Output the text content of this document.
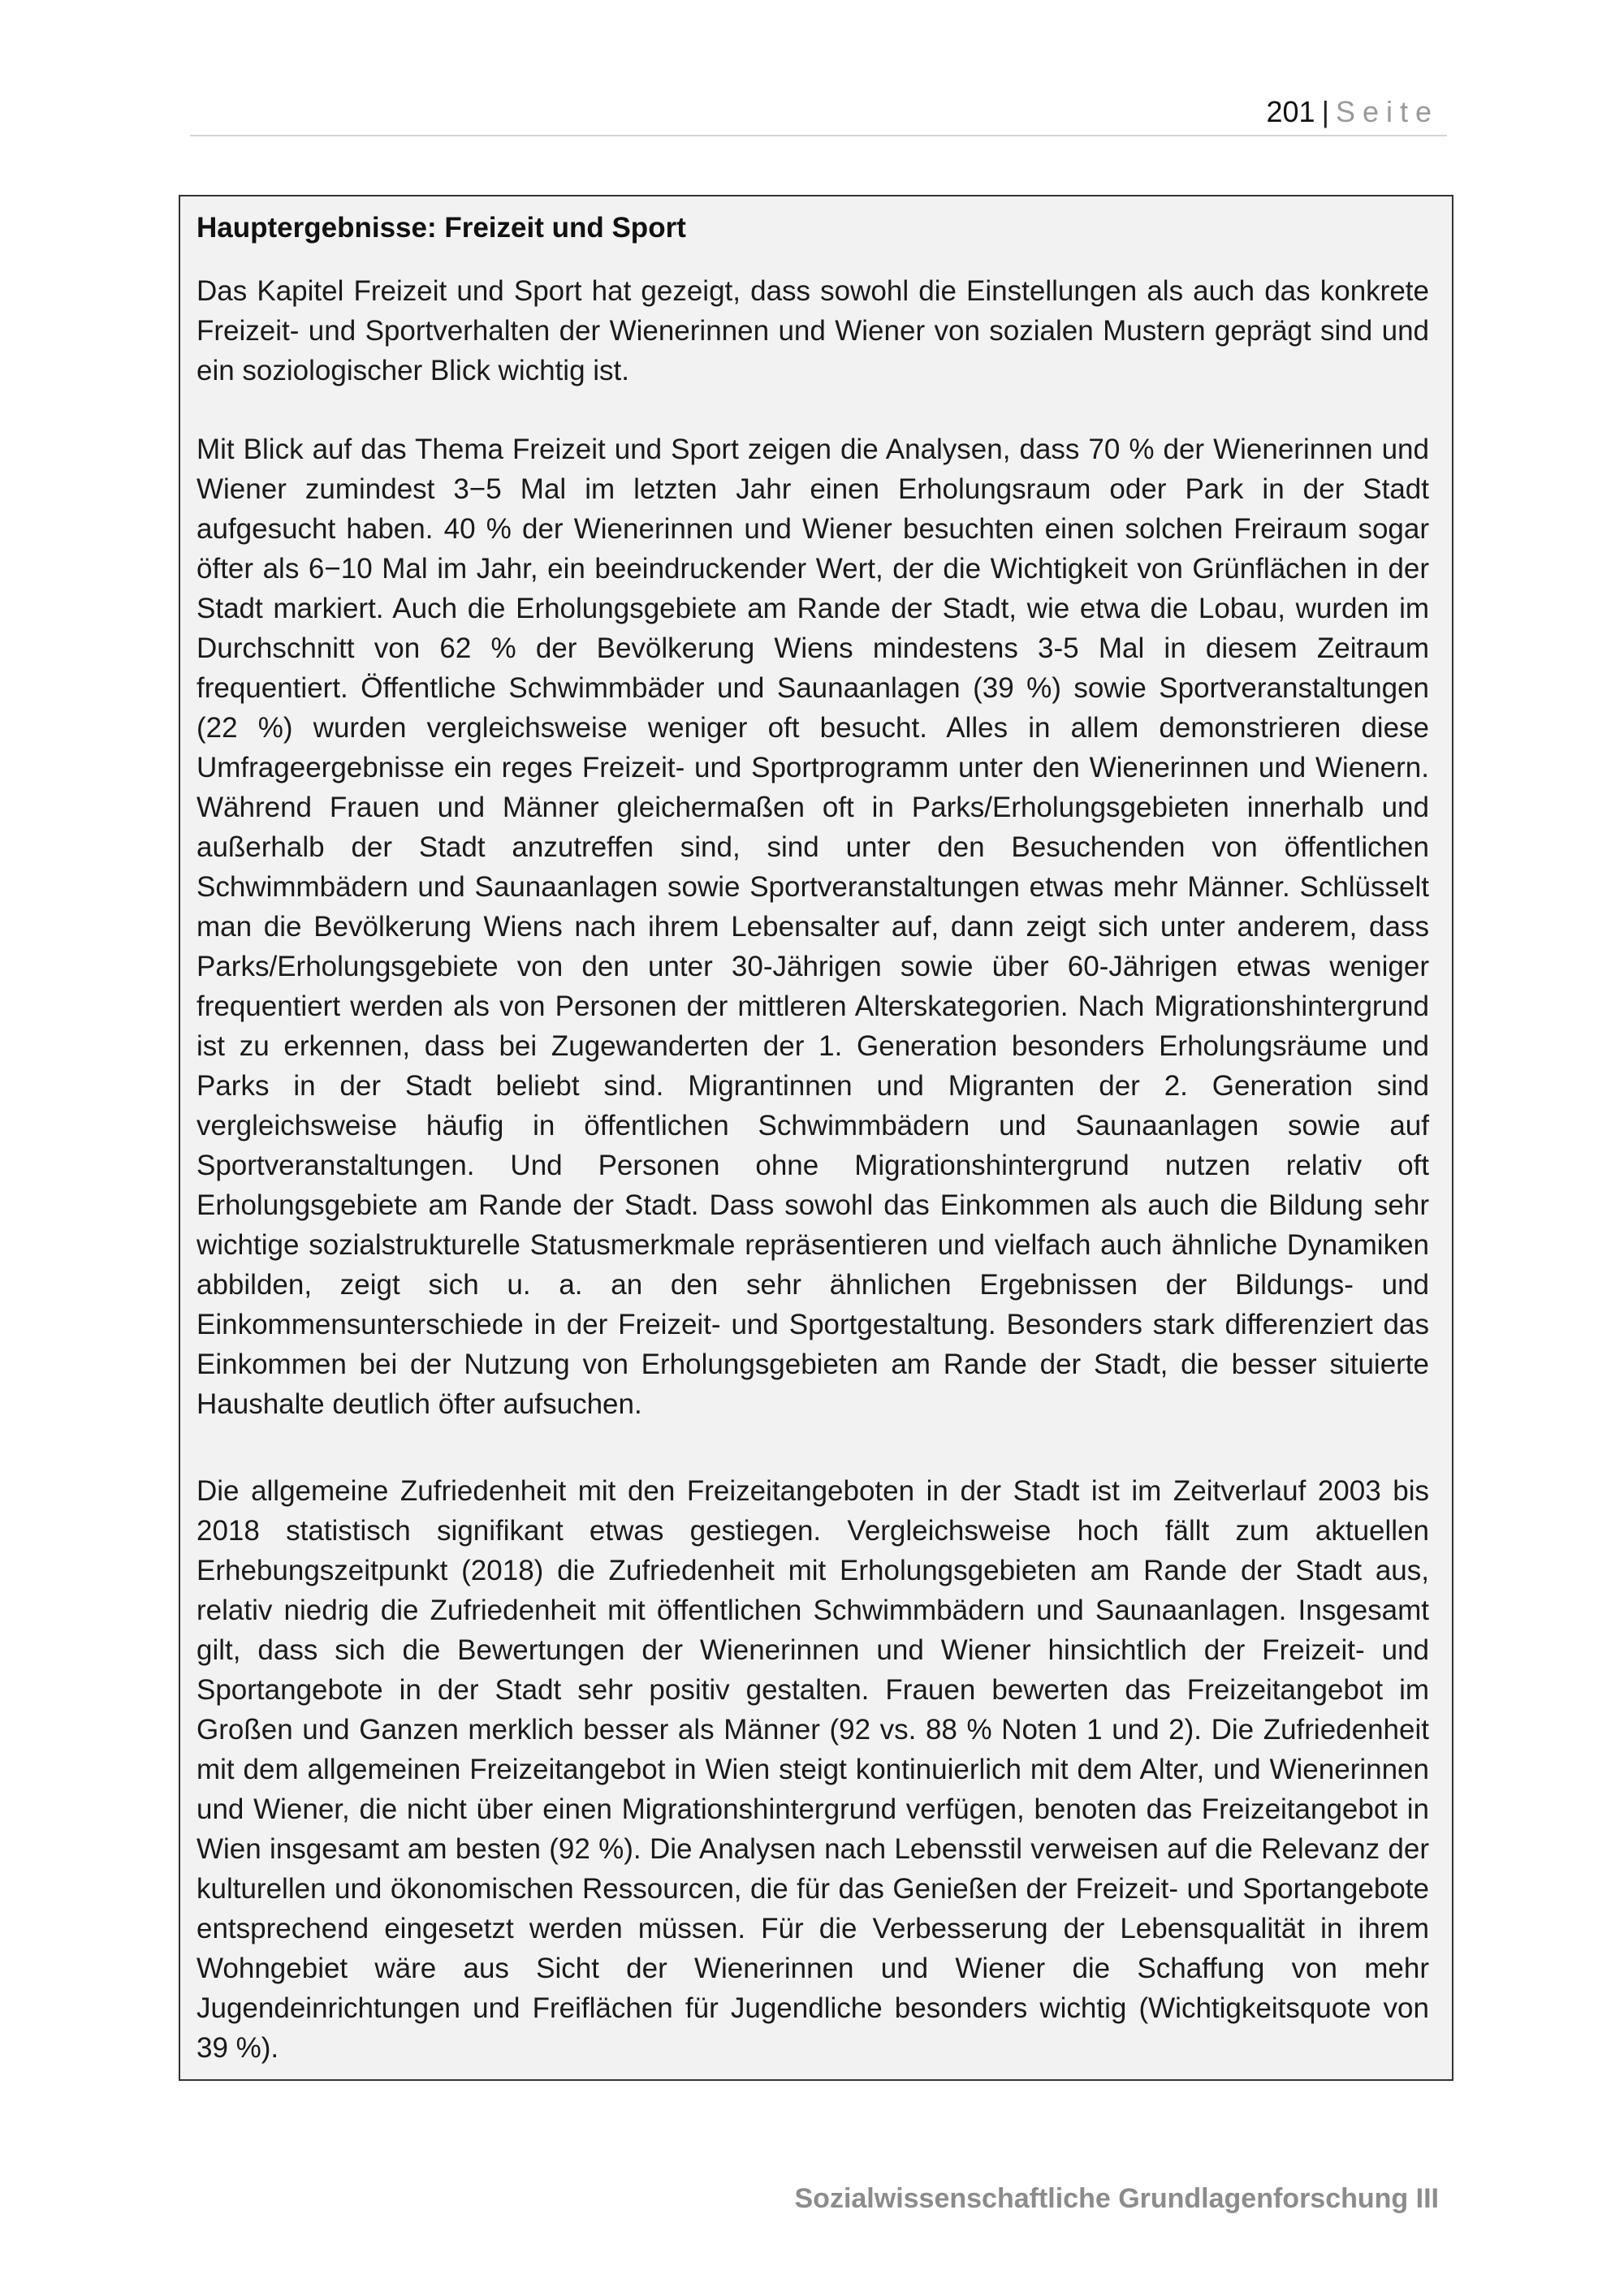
201 | Seite
Hauptergebnisse: Freizeit und Sport

Das Kapitel Freizeit und Sport hat gezeigt, dass sowohl die Einstellungen als auch das konkrete Freizeit- und Sportverhalten der Wienerinnen und Wiener von sozialen Mustern geprägt sind und ein soziologischer Blick wichtig ist.

Mit Blick auf das Thema Freizeit und Sport zeigen die Analysen, dass 70 % der Wienerinnen und Wiener zumindest 3−5 Mal im letzten Jahr einen Erholungsraum oder Park in der Stadt aufgesucht haben. 40 % der Wienerinnen und Wiener besuchten einen solchen Freiraum sogar öfter als 6−10 Mal im Jahr, ein beeindruckender Wert, der die Wichtigkeit von Grünflächen in der Stadt markiert. Auch die Erholungsgebiete am Rande der Stadt, wie etwa die Lobau, wurden im Durchschnitt von 62 % der Bevölkerung Wiens mindestens 3-5 Mal in diesem Zeitraum frequentiert. Öffentliche Schwimmbäder und Saunaanlagen (39 %) sowie Sportveranstaltungen (22 %) wurden vergleichsweise weniger oft besucht. Alles in allem demonstrieren diese Umfrageergebnisse ein reges Freizeit- und Sportprogramm unter den Wienerinnen und Wienern. Während Frauen und Männer gleichermaßen oft in Parks/Erholungsgebieten innerhalb und außerhalb der Stadt anzutreffen sind, sind unter den Besuchenden von öffentlichen Schwimmbädern und Saunaanlagen sowie Sportveranstaltungen etwas mehr Männer. Schlüsselt man die Bevölkerung Wiens nach ihrem Lebensalter auf, dann zeigt sich unter anderem, dass Parks/Erholungsgebiete von den unter 30-Jährigen sowie über 60-Jährigen etwas weniger frequentiert werden als von Personen der mittleren Alterskategorien. Nach Migrationshintergrund ist zu erkennen, dass bei Zugewanderten der 1. Generation besonders Erholungsräume und Parks in der Stadt beliebt sind. Migrantinnen und Migranten der 2. Generation sind vergleichsweise häufig in öffentlichen Schwimmbädern und Saunaanlagen sowie auf Sportveranstaltungen. Und Personen ohne Migrationshintergrund nutzen relativ oft Erholungsgebiete am Rande der Stadt. Dass sowohl das Einkommen als auch die Bildung sehr wichtige sozialstrukturelle Statusmerkmale repräsentieren und vielfach auch ähnliche Dynamiken abbilden, zeigt sich u. a. an den sehr ähnlichen Ergebnissen der Bildungs- und Einkommensunterschiede in der Freizeit- und Sportgestaltung. Besonders stark differenziert das Einkommen bei der Nutzung von Erholungsgebieten am Rande der Stadt, die besser situierte Haushalte deutlich öfter aufsuchen.

Die allgemeine Zufriedenheit mit den Freizeitangeboten in der Stadt ist im Zeitverlauf 2003 bis 2018 statistisch signifikant etwas gestiegen. Vergleichsweise hoch fällt zum aktuellen Erhebungszeitpunkt (2018) die Zufriedenheit mit Erholungsgebieten am Rande der Stadt aus, relativ niedrig die Zufriedenheit mit öffentlichen Schwimmbädern und Saunaanlagen. Insgesamt gilt, dass sich die Bewertungen der Wienerinnen und Wiener hinsichtlich der Freizeit- und Sportangebote in der Stadt sehr positiv gestalten. Frauen bewerten das Freizeitangebot im Großen und Ganzen merklich besser als Männer (92 vs. 88 % Noten 1 und 2). Die Zufriedenheit mit dem allgemeinen Freizeitangebot in Wien steigt kontinuierlich mit dem Alter, und Wienerinnen und Wiener, die nicht über einen Migrationshintergrund verfügen, benoten das Freizeitangebot in Wien insgesamt am besten (92 %). Die Analysen nach Lebensstil verweisen auf die Relevanz der kulturellen und ökonomischen Ressourcen, die für das Genießen der Freizeit- und Sportangebote entsprechend eingesetzt werden müssen. Für die Verbesserung der Lebensqualität in ihrem Wohngebiet wäre aus Sicht der Wienerinnen und Wiener die Schaffung von mehr Jugendeinrichtungen und Freiflächen für Jugendliche besonders wichtig (Wichtigkeitsquote von 39 %).

Sozialwissenschaftliche Grundlagenforschung III
